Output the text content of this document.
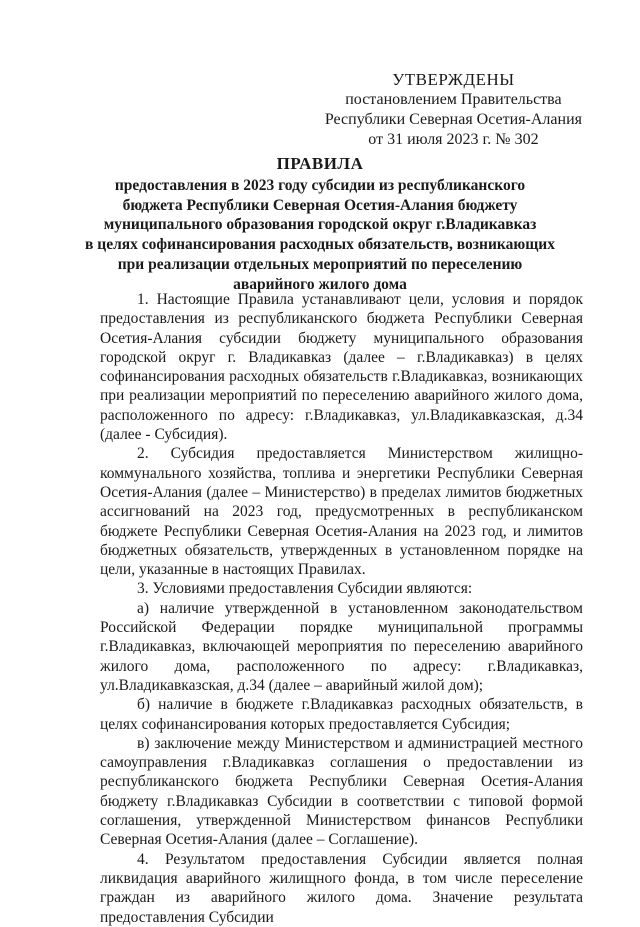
УТВЕРЖДЕНЫ
постановлением Правительства
Республики Северная Осетия-Алания
от 31 июля 2023 г. № 302
ПРАВИЛА
предоставления в 2023 году субсидии из республиканского
бюджета Республики Северная Осетия-Алания бюджету
муниципального образования городской округ г.Владикавказ
в целях софинансирования расходных обязательств, возникающих
при реализации отдельных мероприятий по переселению
аварийного жилого дома

1. Настоящие Правила устанавливают цели, условия и порядок предоставления из республиканского бюджета Республики Северная Осетия-Алания субсидии бюджету муниципального образования городской округ г. Владикавказ (далее – г.Владикавказ) в целях софинансирования расходных обязательств г.Владикавказ, возникающих при реализации мероприятий по переселению аварийного жилого дома, расположенного по адресу: г.Владикавказ, ул.Владикавказская, д.34 (далее - Субсидия).

2. Субсидия предоставляется Министерством жилищно-коммунального хозяйства, топлива и энергетики Республики Северная Осетия-Алания (далее – Министерство) в пределах лимитов бюджетных ассигнований на 2023 год, предусмотренных в республиканском бюджете Республики Северная Осетия-Алания на 2023 год, и лимитов бюджетных обязательств, утвержденных в установленном порядке на цели, указанные в настоящих Правилах.

3. Условиями предоставления Субсидии являются:

а) наличие утвержденной в установленном законодательством Российской Федерации порядке муниципальной программы г.Владикавказ, включающей мероприятия по переселению аварийного жилого дома, расположенного по адресу: г.Владикавказ, ул.Владикавказская, д.34 (далее – аварийный жилой дом);

б) наличие в бюджете г.Владикавказ расходных обязательств, в целях софинансирования которых предоставляется Субсидия;

в) заключение между Министерством и администрацией местного самоуправления г.Владикавказ соглашения о предоставлении из республиканского бюджета Республики Северная Осетия-Алания бюджету г.Владикавказ Субсидии в соответствии с типовой формой соглашения, утвержденной Министерством финансов Республики Северная Осетия-Алания (далее – Соглашение).

4. Результатом предоставления Субсидии является полная ликвидация аварийного жилищного фонда, в том числе переселение граждан из аварийного жилого дома. Значение результата предоставления Субсидии
